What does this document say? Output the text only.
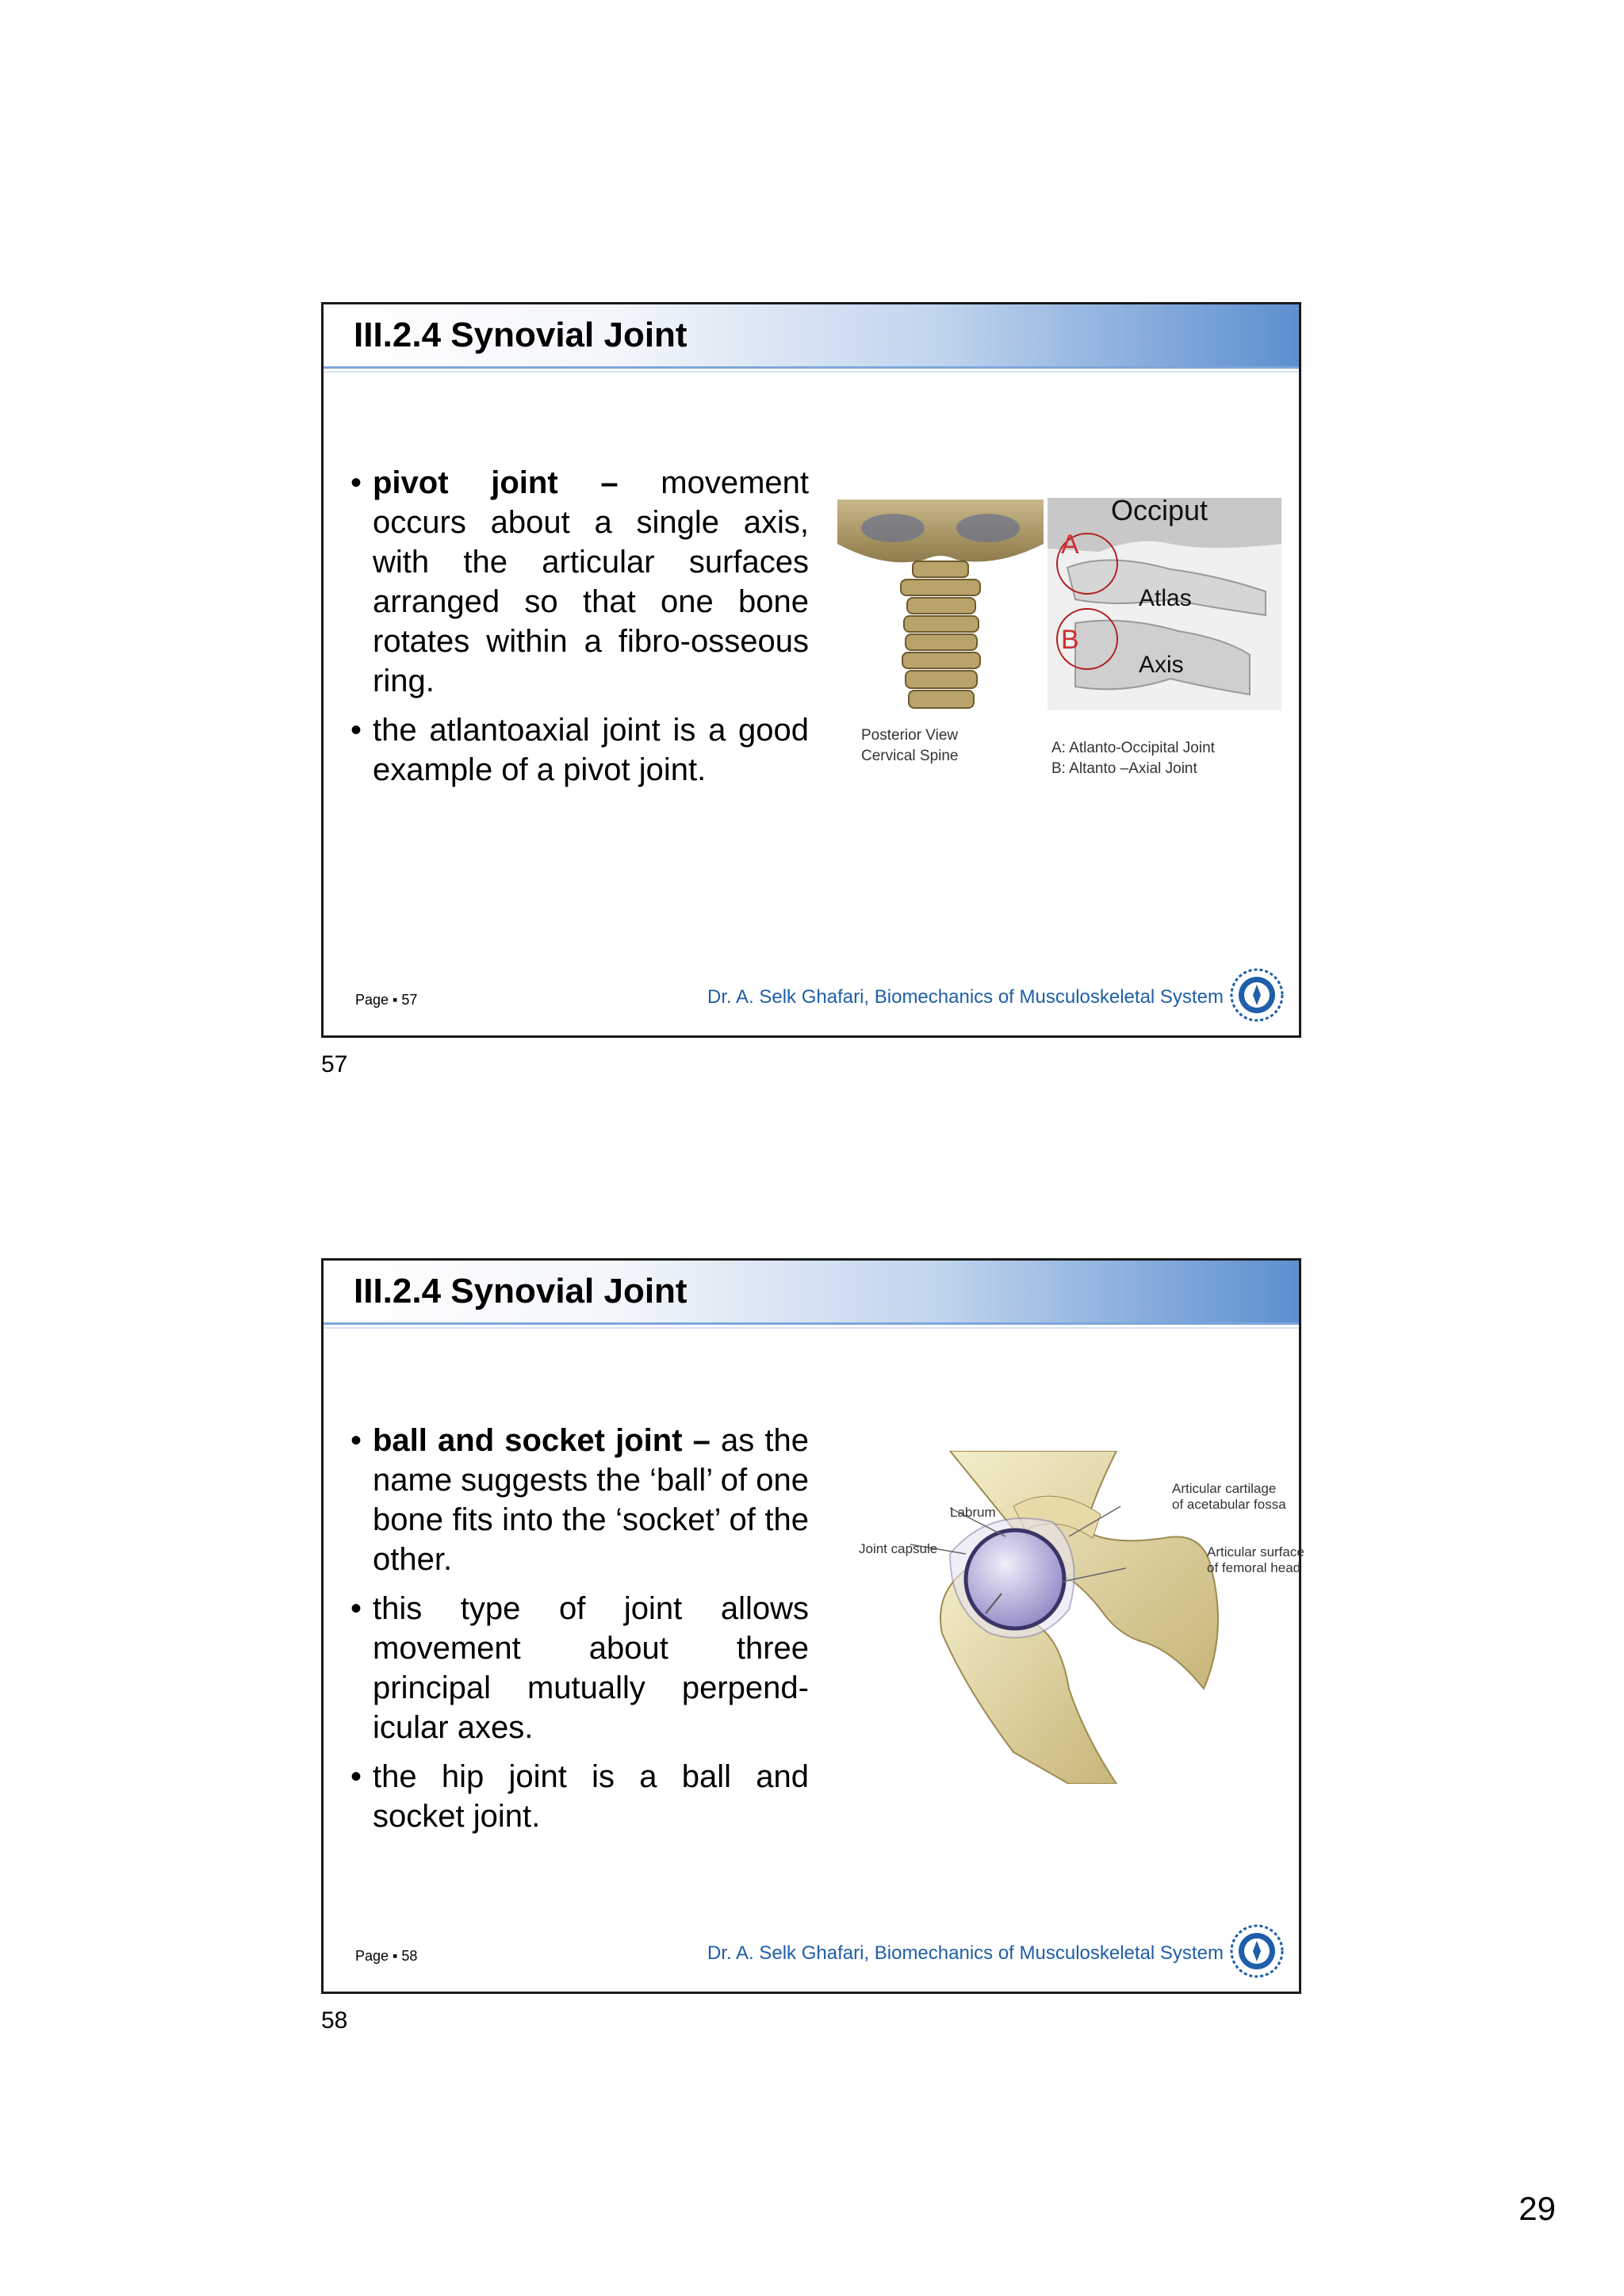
III.2.4 Synovial Joint
• pivot joint – movement occurs about a single axis, with the articular surfaces arranged so that one bone rotates within a fibro-osseous ring.
• the atlantoaxial joint is a good example of a pivot joint.
A
B
Occiput
Atlas
Axis
Posterior View
Cervical Spine	A: Atlanto-Occipital Joint
B: Altanto –Axial Joint
Page ▪ 57	Dr. A. Selk Ghafari, Biomechanics of Musculoskeletal System
57
III.2.4 Synovial Joint
• ball and socket joint – as the name suggests the ‘ball’ of one bone fits into the ‘socket’ of the other.
• this type of joint allows movement about three principal mutually perpend-icular axes.
• the hip joint is a ball and socket joint.
Articular cartilage
of acetabular fossa
Labrum
Joint capsule	Articular surface
of femoral head
Page ▪ 58	Dr. A. Selk Ghafari, Biomechanics of Musculoskeletal System
58
29
